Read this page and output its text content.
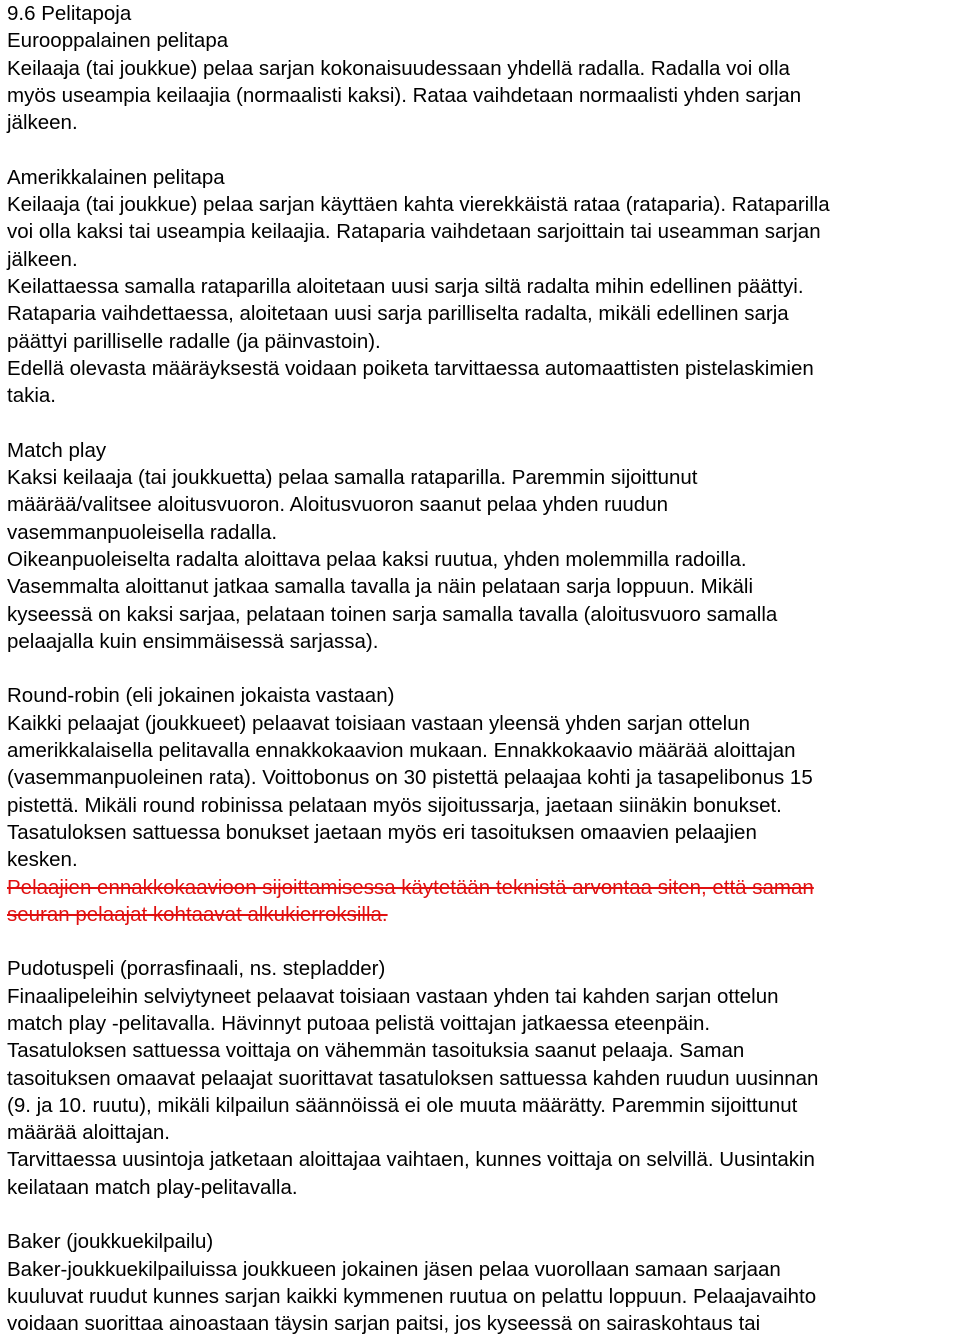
9.6 Pelitapoja
Eurooppalainen pelitapa
Keilaaja (tai joukkue) pelaa sarjan kokonaisuudessaan yhdellä radalla. Radalla voi olla
myös useampia keilaajia (normaalisti kaksi). Rataa vaihdetaan normaalisti yhden sarjan
jälkeen.
Amerikkalainen pelitapa
Keilaaja (tai joukkue) pelaa sarjan käyttäen kahta vierekkäistä rataa (rataparia). Rataparilla
voi olla kaksi tai useampia keilaajia. Rataparia vaihdetaan sarjoittain tai useamman sarjan
jälkeen.
Keilattaessa samalla rataparilla aloitetaan uusi sarja siltä radalta mihin edellinen päättyi.
Rataparia vaihdettaessa, aloitetaan uusi sarja parilliselta radalta, mikäli edellinen sarja
päättyi parilliselle radalle (ja päinvastoin).
Edellä olevasta määräyksestä voidaan poiketa tarvittaessa automaattisten pistelaskimien
takia.
Match play
Kaksi keilaaja (tai joukkuetta) pelaa samalla rataparilla. Paremmin sijoittunut
määrää/valitsee aloitusvuoron. Aloitusvuoron saanut pelaa yhden ruudun
vasemmanpuoleisella radalla.
Oikeanpuoleiselta radalta aloittava pelaa kaksi ruutua, yhden molemmilla radoilla.
Vasemmalta aloittanut jatkaa samalla tavalla ja näin pelataan sarja loppuun. Mikäli
kyseessä on kaksi sarjaa, pelataan toinen sarja samalla tavalla (aloitusvuoro samalla
pelaajalla kuin ensimmäisessä sarjassa).
Round-robin (eli jokainen jokaista vastaan)
Kaikki pelaajat (joukkueet) pelaavat toisiaan vastaan yleensä yhden sarjan ottelun
amerikkalaisella pelitavalla ennakkokaavion mukaan. Ennakkokaavio määrää aloittajan
(vasemmanpuoleinen rata). Voittobonus on 30 pistettä pelaajaa kohti ja tasapelibonus 15
pistettä. Mikäli round robinissa pelataan myös sijoitussarja, jaetaan siinäkin bonukset.
Tasatuloksen sattuessa bonukset jaetaan myös eri tasoituksen omaavien pelaajien
kesken.
Pelaajien ennakkokaavioon sijoittamisessa käytetään teknistä arvontaa siten, että saman
seuran pelaajat kohtaavat alkukierroksilla.
Pudotuspeli (porrasfinaali, ns. stepladder)
Finaalipeleihin selviytyneet pelaavat toisiaan vastaan yhden tai kahden sarjan ottelun
match play -pelitavalla. Hävinnyt putoaa pelistä voittajan jatkaessa eteenpäin.
Tasatuloksen sattuessa voittaja on vähemmän tasoituksia saanut pelaaja. Saman
tasoituksen omaavat pelaajat suorittavat tasatuloksen sattuessa kahden ruudun uusinnan
(9. ja 10. ruutu), mikäli kilpailun säännöissä ei ole muuta määrätty. Paremmin sijoittunut
määrää aloittajan.
Tarvittaessa uusintoja jatketaan aloittajaa vaihtaen, kunnes voittaja on selvillä. Uusintakin
keilataan match play-pelitavalla.
Baker (joukkuekilpailu)
Baker-joukkuekilpailuissa joukkueen jokainen jäsen pelaa vuorollaan samaan sarjaan
kuuluvat ruudut kunnes sarjan kaikki kymmenen ruutua on pelattu loppuun. Pelaajavaihto
voidaan suorittaa ainoastaan täysin sarjan paitsi, jos kyseessä on sairaskohtaus tai
